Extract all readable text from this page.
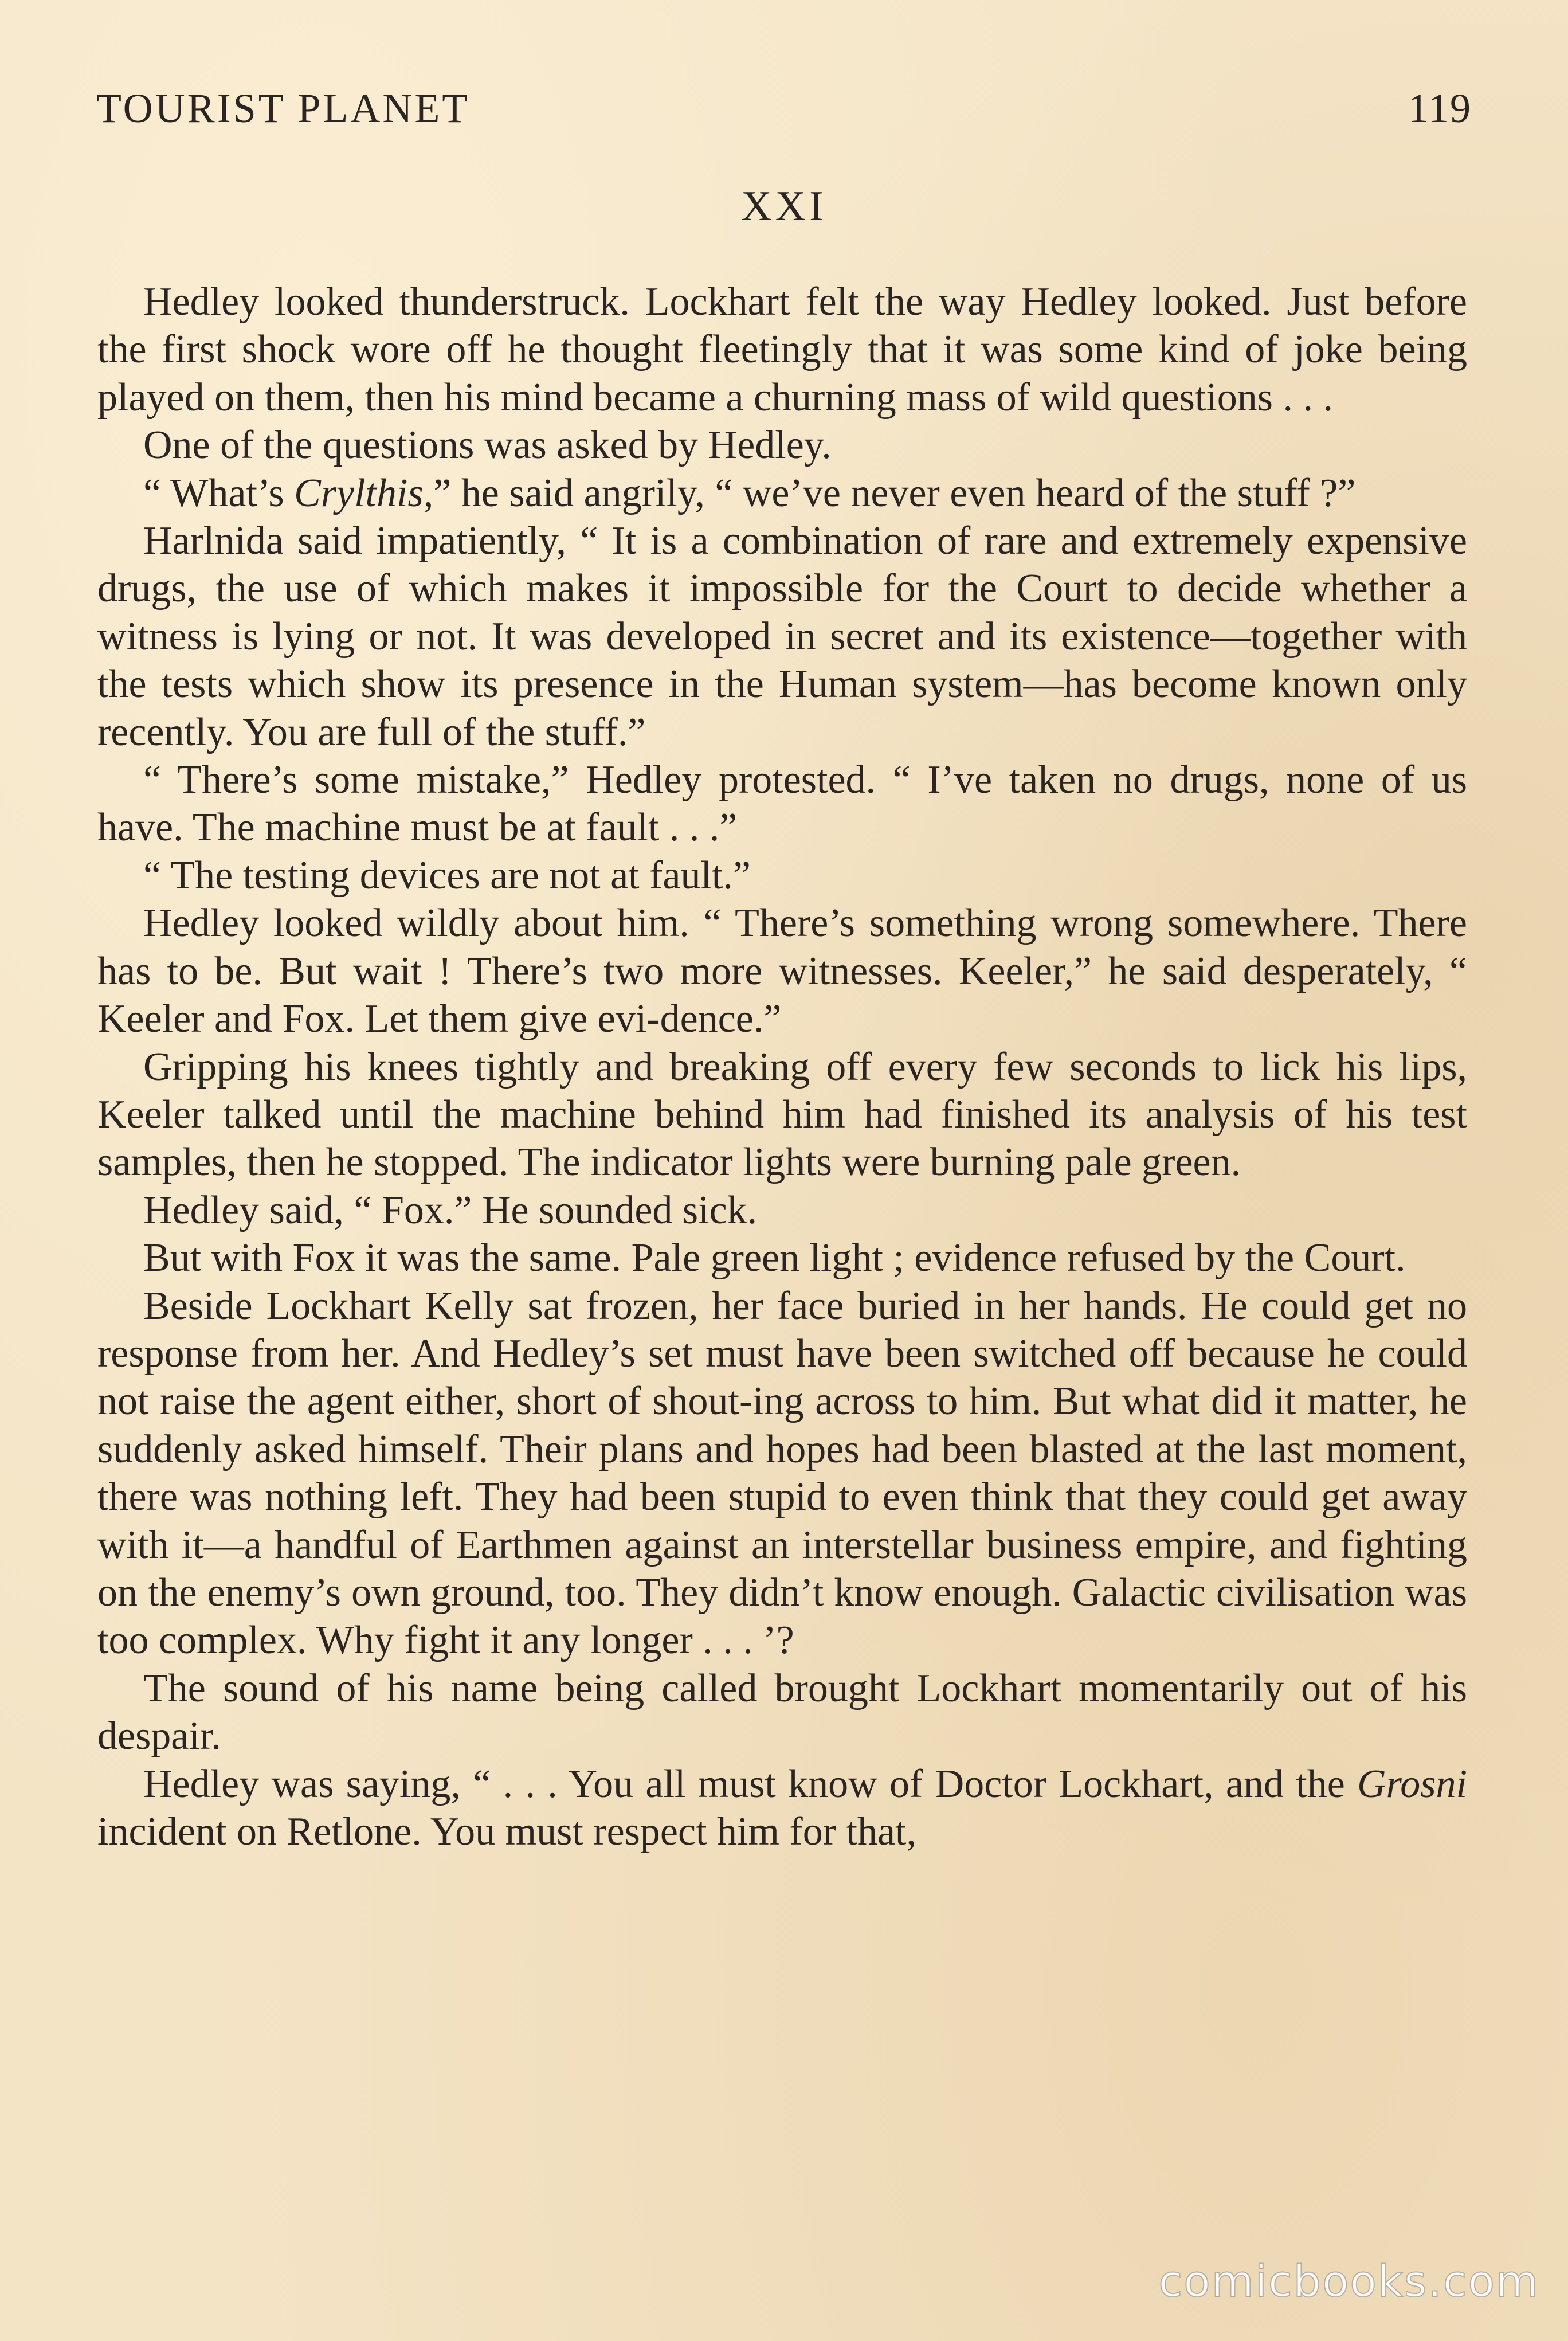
TOURIST PLANET	119
XXI

Hedley looked thunderstruck. Lockhart felt the way Hedley looked. Just before the first shock wore off he thought fleetingly that it was some kind of joke being played on them, then his mind became a churning mass of wild questions . . .

One of the questions was asked by Hedley.

“ What’s Crylthis,” he said angrily, “ we’ve never even heard of the stuff ?”

Harlnida said impatiently, “ It is a combination of rare and extremely expensive drugs, the use of which makes it impossible for the Court to decide whether a witness is lying or not. It was developed in secret and its existence—together with the tests which show its presence in the Human system—has become known only recently. You are full of the stuff.”

“ There’s some mistake,” Hedley protested. “ I’ve taken no drugs, none of us have. The machine must be at fault . . .”

“ The testing devices are not at fault.”

Hedley looked wildly about him. “ There’s something wrong somewhere. There has to be. But wait ! There’s two more witnesses. Keeler,” he said desperately, “ Keeler and Fox. Let them give evi-dence.”

Gripping his knees tightly and breaking off every few seconds to lick his lips, Keeler talked until the machine behind him had finished its analysis of his test samples, then he stopped. The indicator lights were burning pale green.

Hedley said, “ Fox.” He sounded sick.

But with Fox it was the same. Pale green light ; evidence refused by the Court.

Beside Lockhart Kelly sat frozen, her face buried in her hands. He could get no response from her. And Hedley’s set must have been switched off because he could not raise the agent either, short of shout-ing across to him. But what did it matter, he suddenly asked himself. Their plans and hopes had been blasted at the last moment, there was nothing left. They had been stupid to even think that they could get away with it—a handful of Earthmen against an interstellar business empire, and fighting on the enemy’s own ground, too. They didn’t know enough. Galactic civilisation was too complex. Why fight it any longer . . . ’?

The sound of his name being called brought Lockhart momentarily out of his despair.

Hedley was saying, “ . . . You all must know of Doctor Lockhart, and the Grosni incident on Retlone. You must respect him for that,

comicbooks.com
